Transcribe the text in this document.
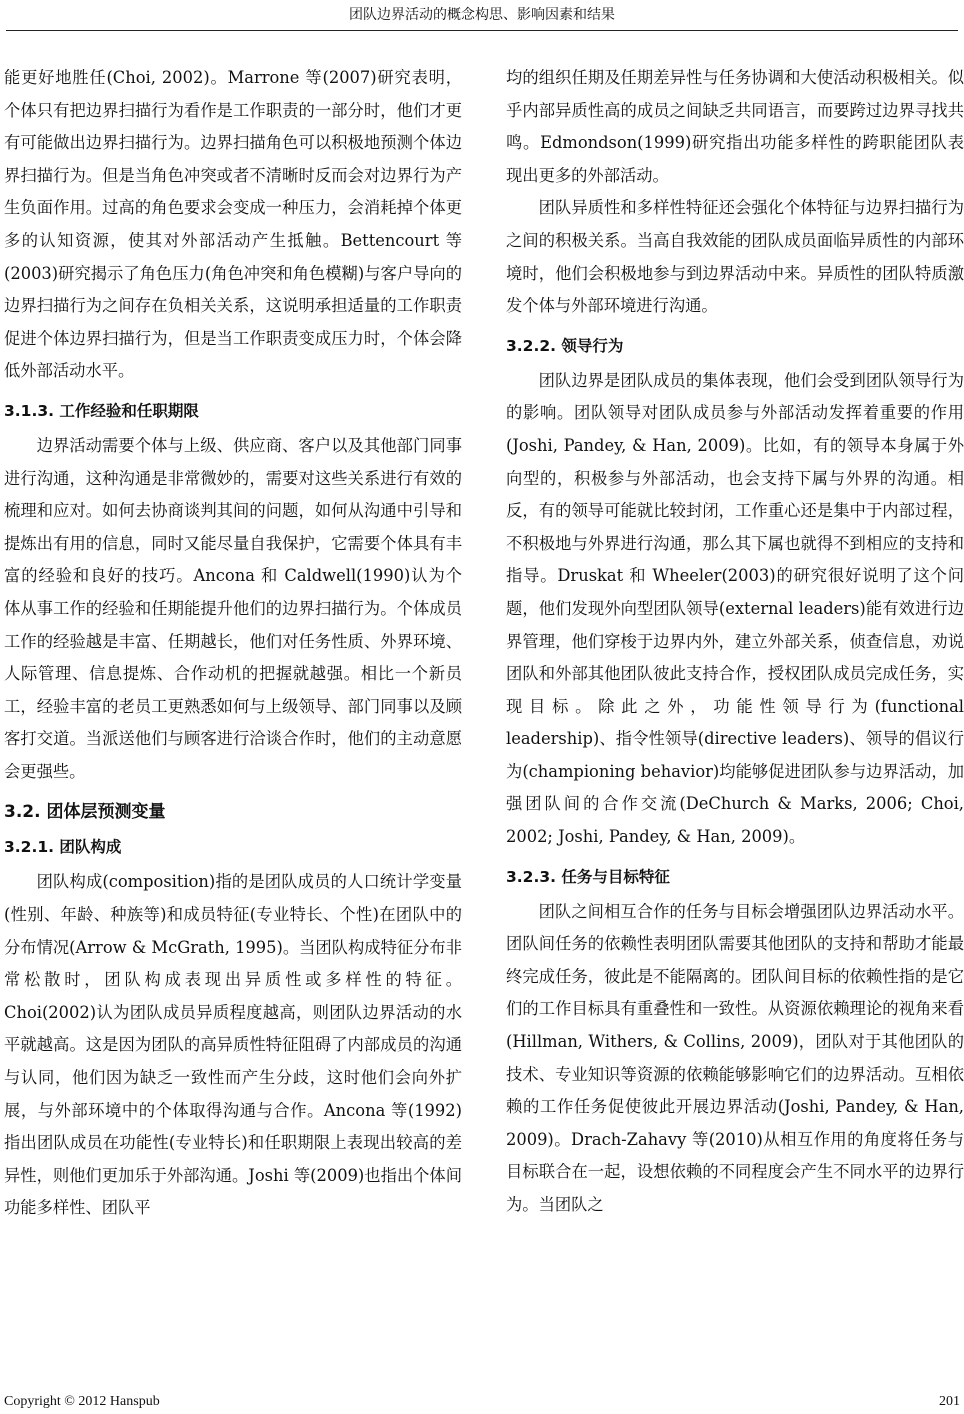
团队边界活动的概念构思、影响因素和结果

能更好地胜任(Choi, 2002)。Marrone 等(2007)研究表明，个体只有把边界扫描行为看作是工作职责的一部分时，他们才更有可能做出边界扫描行为。边界扫描角色可以积极地预测个体边界扫描行为。但是当角色冲突或者不清晰时反而会对边界行为产生负面作用。过高的角色要求会变成一种压力，会消耗掉个体更多的认知资源，使其对外部活动产生抵触。Bettencourt 等(2003)研究揭示了角色压力(角色冲突和角色模糊)与客户导向的边界扫描行为之间存在负相关关系，这说明承担适量的工作职责促进个体边界扫描行为，但是当工作职责变成压力时，个体会降低外部活动水平。

3.1.3. 工作经验和任职期限

边界活动需要个体与上级、供应商、客户以及其他部门同事进行沟通，这种沟通是非常微妙的，需要对这些关系进行有效的梳理和应对。如何去协商谈判其间的问题，如何从沟通中引导和提炼出有用的信息，同时又能尽量自我保护，它需要个体具有丰富的经验和良好的技巧。Ancona 和 Caldwell(1990)认为个体从事工作的经验和任期能提升他们的边界扫描行为。个体成员工作的经验越是丰富、任期越长，他们对任务性质、外界环境、人际管理、信息提炼、合作动机的把握就越强。相比一个新员工，经验丰富的老员工更熟悉如何与上级领导、部门同事以及顾客打交道。当派送他们与顾客进行洽谈合作时，他们的主动意愿会更强些。

3.2. 团体层预测变量
3.2.1. 团队构成

团队构成(composition)指的是团队成员的人口统计学变量(性别、年龄、种族等)和成员特征(专业特长、个性)在团队中的分布情况(Arrow & McGrath, 1995)。当团队构成特征分布非常松散时，团队构成表现出异质性或多样性的特征。Choi(2002)认为团队成员异质程度越高，则团队边界活动的水平就越高。这是因为团队的高异质性特征阻碍了内部成员的沟通与认同，他们因为缺乏一致性而产生分歧，这时他们会向外扩展，与外部环境中的个体取得沟通与合作。Ancona 等(1992)指出团队成员在功能性(专业特长)和任职期限上表现出较高的差异性，则他们更加乐于外部沟通。Joshi 等(2009)也指出个体间功能多样性、团队平

均的组织任期及任期差异性与任务协调和大使活动积极相关。似乎内部异质性高的成员之间缺乏共同语言，而要跨过边界寻找共鸣。Edmondson(1999)研究指出功能多样性的跨职能团队表现出更多的外部活动。

团队异质性和多样性特征还会强化个体特征与边界扫描行为之间的积极关系。当高自我效能的团队成员面临异质性的内部环境时，他们会积极地参与到边界活动中来。异质性的团队特质激发个体与外部环境进行沟通。

3.2.2. 领导行为

团队边界是团队成员的集体表现，他们会受到团队领导行为的影响。团队领导对团队成员参与外部活动发挥着重要的作用(Joshi, Pandey, & Han, 2009)。比如，有的领导本身属于外向型的，积极参与外部活动，也会支持下属与外界的沟通。相反，有的领导可能就比较封闭，工作重心还是集中于内部过程，不积极地与外界进行沟通，那么其下属也就得不到相应的支持和指导。Druskat 和 Wheeler(2003)的研究很好说明了这个问题，他们发现外向型团队领导(external leaders)能有效进行边界管理，他们穿梭于边界内外，建立外部关系，侦查信息，劝说团队和外部其他团队彼此支持合作，授权团队成员完成任务，实现目标。除此之外，功能性领导行为(functional leadership)、指令性领导(directive leaders)、领导的倡议行为(championing behavior)均能够促进团队参与边界活动，加强团队间的合作交流(DeChurch & Marks, 2006; Choi, 2002; Joshi, Pandey, & Han, 2009)。

3.2.3. 任务与目标特征

团队之间相互合作的任务与目标会增强团队边界活动水平。团队间任务的依赖性表明团队需要其他团队的支持和帮助才能最终完成任务，彼此是不能隔离的。团队间目标的依赖性指的是它们的工作目标具有重叠性和一致性。从资源依赖理论的视角来看(Hillman, Withers, & Collins, 2009)，团队对于其他团队的技术、专业知识等资源的依赖能够影响它们的边界活动。互相依赖的工作任务促使彼此开展边界活动(Joshi, Pandey, & Han, 2009)。Drach-Zahavy 等(2010)从相互作用的角度将任务与目标联合在一起，设想依赖的不同程度会产生不同水平的边界行为。当团队之

Copyright © 2012 Hanspub	201
